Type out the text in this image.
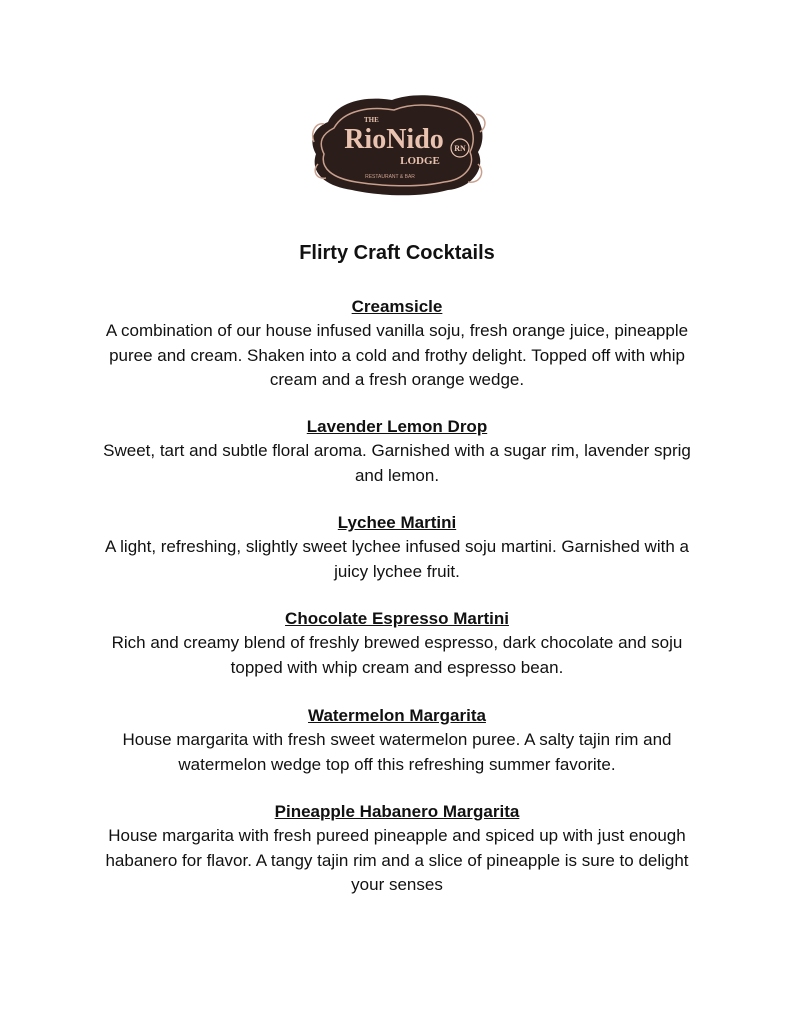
THE
RioNido
LODGE
RESTAURANT & BAR
RN
Flirty Craft Cocktails
Creamsicle
A combination of our house infused vanilla soju, fresh orange juice, pineapple puree and cream. Shaken into a cold and frothy delight. Topped off with whip cream and a fresh orange wedge.
Lavender Lemon Drop
Sweet, tart and subtle floral aroma. Garnished with a sugar rim, lavender sprig and lemon.
Lychee Martini
A light, refreshing, slightly sweet lychee infused soju martini. Garnished with a juicy lychee fruit.
Chocolate Espresso Martini
Rich and creamy blend of freshly brewed espresso, dark chocolate and soju topped with whip cream and espresso bean.
Watermelon Margarita
House margarita with fresh sweet watermelon puree. A salty tajin rim and watermelon wedge top off this refreshing summer favorite.
Pineapple Habanero Margarita
House margarita with fresh pureed pineapple and spiced up with just enough habanero for flavor. A tangy tajin rim and a slice of pineapple is sure to delight your senses
